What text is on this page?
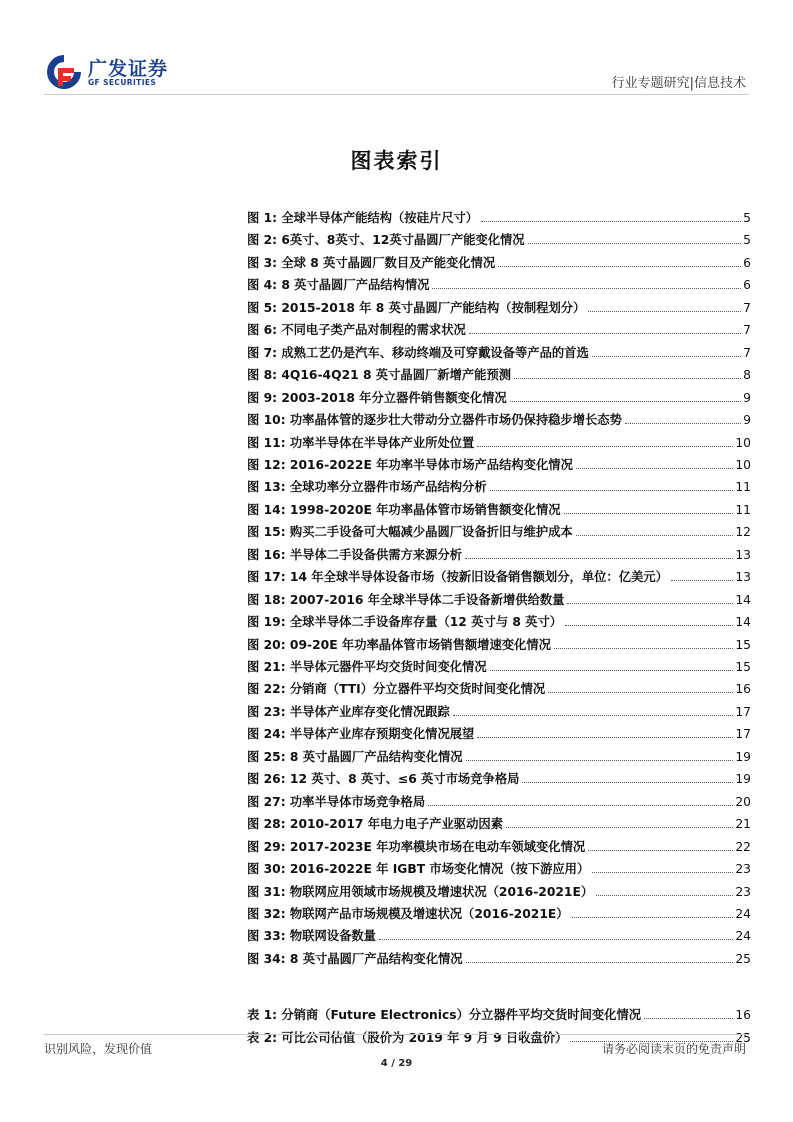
广发证券
GF SECURITIES	行业专题研究|信息技术
图表索引
图 1: 全球半导体产能结构（按硅片尺寸）	5
图 2: 6英寸、8英寸、12英寸晶圆厂产能变化情况	5
图 3: 全球 8 英寸晶圆厂数目及产能变化情况	6
图 4: 8 英寸晶圆厂产品结构情况	6
图 5: 2015-2018 年 8 英寸晶圆厂产能结构（按制程划分）	7
图 6: 不同电子类产品对制程的需求状况	7
图 7: 成熟工艺仍是汽车、移动终端及可穿戴设备等产品的首选	7
图 8: 4Q16-4Q21 8 英寸晶圆厂新增产能预测	8
图 9: 2003-2018 年分立器件销售额变化情况	9
图 10: 功率晶体管的逐步壮大带动分立器件市场仍保持稳步增长态势	9
图 11: 功率半导体在半导体产业所处位置	10
图 12: 2016-2022E 年功率半导体市场产品结构变化情况	10
图 13: 全球功率分立器件市场产品结构分析	11
图 14: 1998-2020E 年功率晶体管市场销售额变化情况	11
图 15: 购买二手设备可大幅减少晶圆厂设备折旧与维护成本	12
图 16: 半导体二手设备供需方来源分析	13
图 17: 14 年全球半导体设备市场（按新旧设备销售额划分，单位：亿美元）	13
图 18: 2007-2016 年全球半导体二手设备新增供给数量	14
图 19: 全球半导体二手设备库存量（12 英寸与 8 英寸）	14
图 20: 09-20E 年功率晶体管市场销售额增速变化情况	15
图 21: 半导体元器件平均交货时间变化情况	15
图 22: 分销商（TTI）分立器件平均交货时间变化情况	16
图 23: 半导体产业库存变化情况跟踪	17
图 24: 半导体产业库存预期变化情况展望	17
图 25: 8 英寸晶圆厂产品结构变化情况	19
图 26: 12 英寸、8 英寸、≤6 英寸市场竞争格局	19
图 27: 功率半导体市场竞争格局	20
图 28: 2010-2017 年电力电子产业驱动因素	21
图 29: 2017-2023E 年功率模块市场在电动车领域变化情况	22
图 30: 2016-2022E 年 IGBT 市场变化情况（按下游应用）	23
图 31: 物联网应用领域市场规模及增速状况（2016-2021E）	23
图 32: 物联网产品市场规模及增速状况（2016-2021E）	24
图 33: 物联网设备数量	24
图 34: 8 英寸晶圆厂产品结构变化情况	25
表 1: 分销商（Future Electronics）分立器件平均交货时间变化情况	16
表 2: 可比公司估值（股价为 2019 年 9 月 9 日收盘价）	25
识别风险，发现价值	请务必阅读末页的免责声明
4 / 29
